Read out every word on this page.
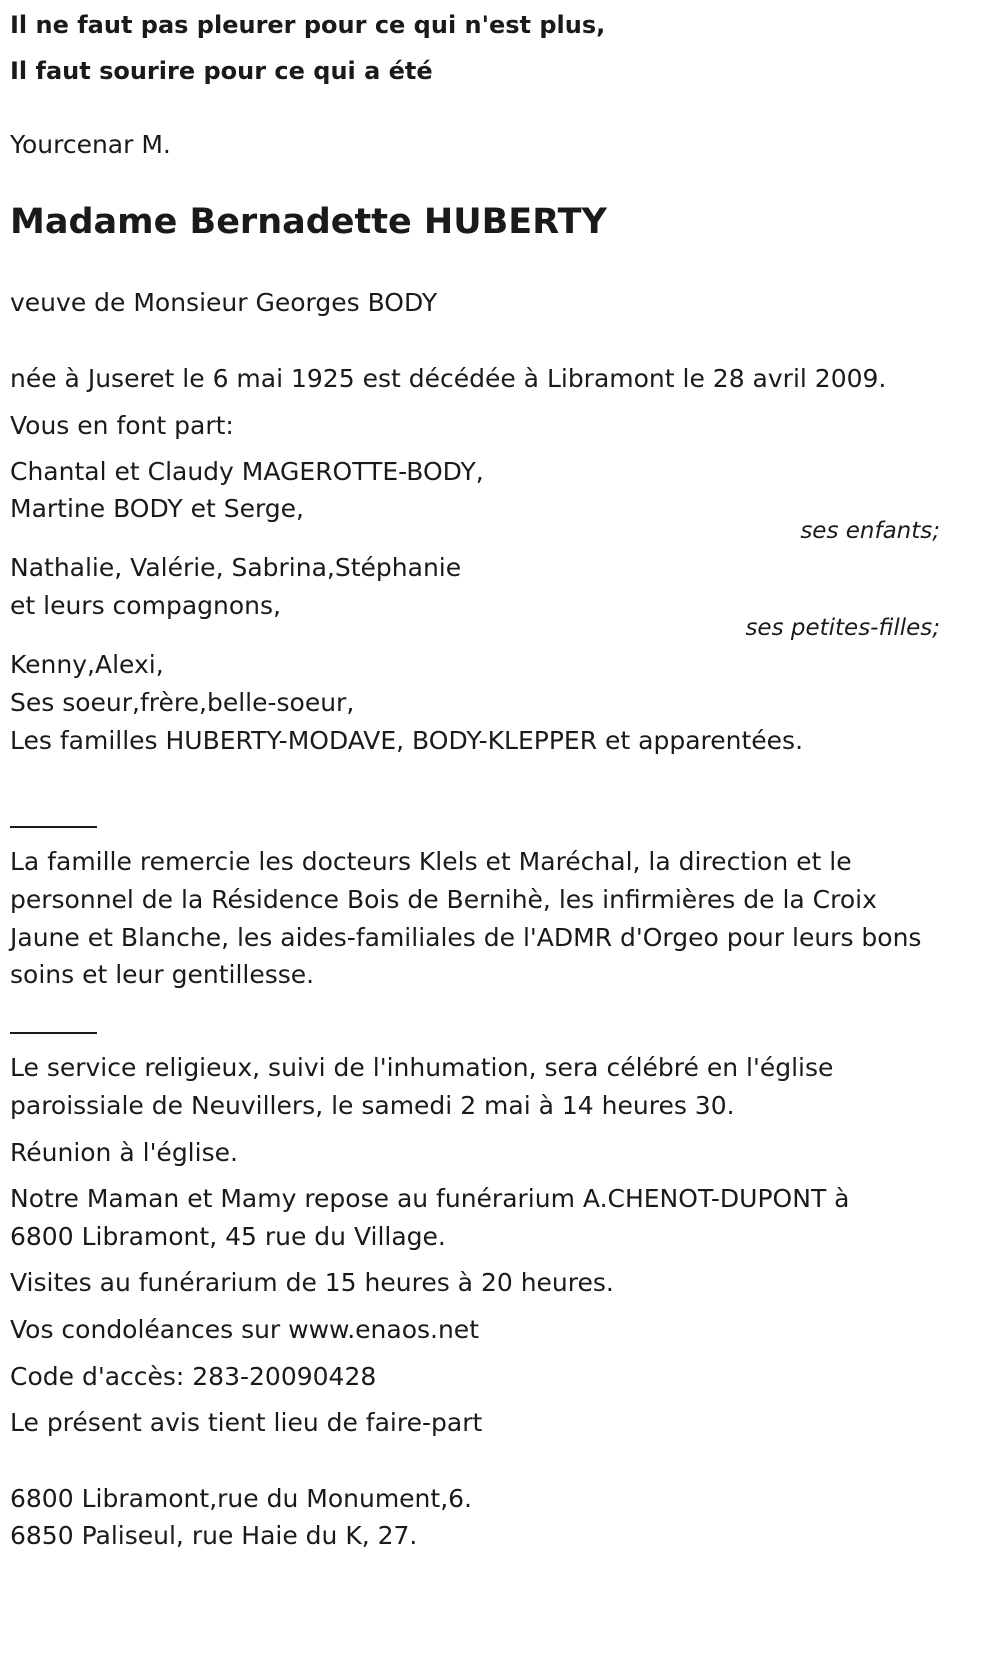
Il ne faut pas pleurer pour ce qui n'est plus,
Il faut sourire pour ce qui a été
Yourcenar M.
Madame Bernadette HUBERTY
veuve de Monsieur Georges BODY
née à Juseret le 6 mai 1925 est décédée à Libramont le 28 avril 2009.
Vous en font part:
Chantal et Claudy MAGEROTTE-BODY,
Martine BODY et Serge,
ses enfants;
Nathalie, Valérie, Sabrina,Stéphanie
et leurs compagnons,
ses petites-filles;
Kenny,Alexi,
Ses soeur,frère,belle-soeur,
Les familles HUBERTY-MODAVE, BODY-KLEPPER et apparentées.
La famille remercie les docteurs Klels et Maréchal, la direction et le
personnel de la Résidence Bois de Bernihè, les infirmières de la Croix
Jaune et Blanche, les aides-familiales de l'ADMR d'Orgeo pour leurs bons
soins et leur gentillesse.
Le service religieux, suivi de l'inhumation, sera célébré en l'église
paroissiale de Neuvillers, le samedi 2 mai à 14 heures 30.
Réunion à l'église.
Notre Maman et Mamy repose au funérarium A.CHENOT-DUPONT à
6800 Libramont, 45 rue du Village.
Visites au funérarium de 15 heures à 20 heures.
Vos condoléances sur www.enaos.net
Code d'accès: 283-20090428
Le présent avis tient lieu de faire-part
6800 Libramont,rue du Monument,6.
6850 Paliseul, rue Haie du K, 27.
